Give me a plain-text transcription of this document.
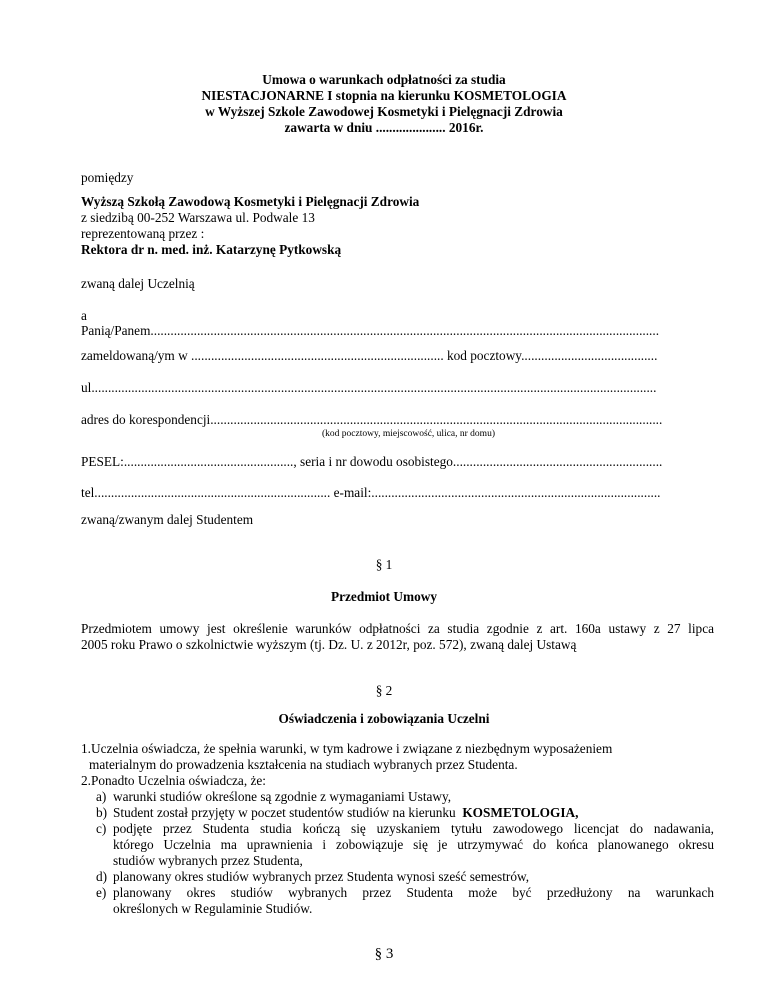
Umowa o warunkach odpłatności za studia
NIESTACJONARNE I stopnia na kierunku KOSMETOLOGIA
w Wyższej Szkole Zawodowej Kosmetyki i Pielęgnacji Zdrowia
zawarta w dniu ..................... 2016r.
pomiędzy
Wyższą Szkołą Zawodową Kosmetyki i Pielęgnacji Zdrowia
z siedzibą 00-252 Warszawa ul. Podwale 13
reprezentowaną przez :
Rektora dr n. med. inż. Katarzynę Pytkowską
zwaną dalej Uczelnią
a
Panią/Panem.........................................................................................................................................................
zameldowaną/ym w ............................................................................ kod pocztowy.........................................
ul..........................................................................................................................................................................
adres do korespondencji........................................................................................................................................
(kod pocztowy, miejscowość, ulica, nr domu)
PESEL:..................................................., seria i nr dowodu osobistego...............................................................
tel....................................................................... e-mail:.......................................................................................
zwaną/zwanym dalej Studentem
§ 1
Przedmiot Umowy
Przedmiotem umowy jest określenie warunków odpłatności za studia zgodnie z art. 160a ustawy z 27 lipca
2005 roku Prawo o szkolnictwie wyższym (tj. Dz. U. z 2012r, poz. 572), zwaną dalej Ustawą
§ 2
Oświadczenia i zobowiązania Uczelni
1.Uczelnia oświadcza, że spełnia warunki, w tym kadrowe i związane z niezbędnym wyposażeniem
materialnym do prowadzenia kształcenia na studiach wybranych przez Studenta.
2.Ponadto Uczelnia oświadcza, że:
a) warunki studiów określone są zgodnie z wymaganiami Ustawy,
b) Student został przyjęty w poczet studentów studiów na kierunku  KOSMETOLOGIA,
c) podjęte przez Studenta studia kończą się uzyskaniem tytułu zawodowego licencjat do nadawania,
którego Uczelnia ma uprawnienia i zobowiązuje się je utrzymywać do końca planowanego okresu
studiów wybranych przez Studenta,
d) planowany okres studiów wybranych przez Studenta wynosi sześć semestrów,
e) planowany okres studiów wybranych przez Studenta może być przedłużony na warunkach
określonych w Regulaminie Studiów.
§ 3
